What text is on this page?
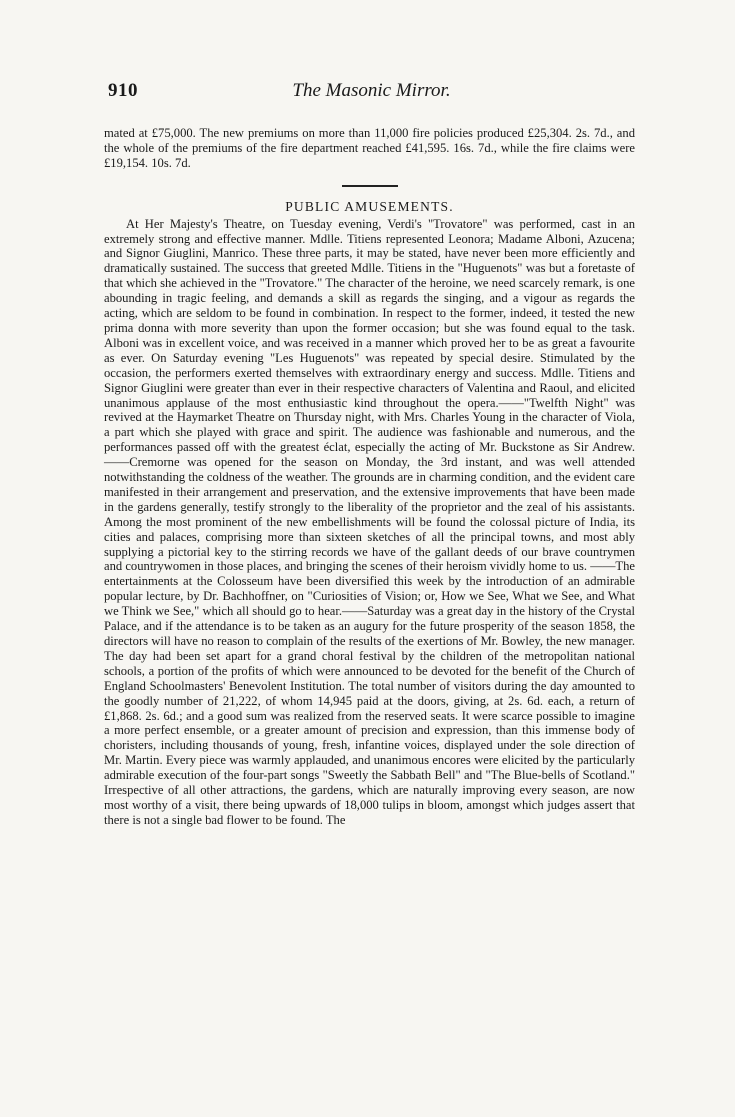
910	The Masonic Mirror.

mated at £75,000. The new premiums on more than 11,000 fire policies produced £25,304. 2s. 7d., and the whole of the premiums of the fire department reached £41,595. 16s. 7d., while the fire claims were £19,154. 10s. 7d.

PUBLIC AMUSEMENTS.

At Her Majesty's Theatre, on Tuesday evening, Verdi's "Trovatore" was performed, cast in an extremely strong and effective manner. Mdlle. Titiens represented Leonora; Madame Alboni, Azucena; and Signor Giuglini, Manrico. These three parts, it may be stated, have never been more efficiently and dramatically sustained. The success that greeted Mdlle. Titiens in the "Huguenots" was but a foretaste of that which she achieved in the "Trovatore." The character of the heroine, we need scarcely remark, is one abounding in tragic feeling, and demands a skill as regards the singing, and a vigour as regards the acting, which are seldom to be found in combination. In respect to the former, indeed, it tested the new prima donna with more severity than upon the former occasion; but she was found equal to the task. Alboni was in excellent voice, and was received in a manner which proved her to be as great a favourite as ever. On Saturday evening "Les Huguenots" was repeated by special desire. Stimulated by the occasion, the performers exerted themselves with extraordinary energy and success. Mdlle. Titiens and Signor Giuglini were greater than ever in their respective characters of Valentina and Raoul, and elicited unanimous applause of the most enthusiastic kind throughout the opera.——"Twelfth Night" was revived at the Haymarket Theatre on Thursday night, with Mrs. Charles Young in the character of Viola, a part which she played with grace and spirit. The audience was fashionable and numerous, and the performances passed off with the greatest éclat, especially the acting of Mr. Buckstone as Sir Andrew.——Cremorne was opened for the season on Monday, the 3rd instant, and was well attended notwithstanding the coldness of the weather. The grounds are in charming condition, and the evident care manifested in their arrangement and preservation, and the extensive improvements that have been made in the gardens generally, testify strongly to the liberality of the proprietor and the zeal of his assistants. Among the most prominent of the new embellishments will be found the colossal picture of India, its cities and palaces, comprising more than sixteen sketches of all the principal towns, and most ably supplying a pictorial key to the stirring records we have of the gallant deeds of our brave countrymen and countrywomen in those places, and bringing the scenes of their heroism vividly home to us. ——The entertainments at the Colosseum have been diversified this week by the introduction of an admirable popular lecture, by Dr. Bachhoffner, on "Curiosities of Vision; or, How we See, What we See, and What we Think we See," which all should go to hear.——Saturday was a great day in the history of the Crystal Palace, and if the attendance is to be taken as an augury for the future prosperity of the season 1858, the directors will have no reason to complain of the results of the exertions of Mr. Bowley, the new manager. The day had been set apart for a grand choral festival by the children of the metropolitan national schools, a portion of the profits of which were announced to be devoted for the benefit of the Church of England Schoolmasters' Benevolent Institution. The total number of visitors during the day amounted to the goodly number of 21,222, of whom 14,945 paid at the doors, giving, at 2s. 6d. each, a return of £1,868. 2s. 6d.; and a good sum was realized from the reserved seats. It were scarce possible to imagine a more perfect ensemble, or a greater amount of precision and expression, than this immense body of choristers, including thousands of young, fresh, infantine voices, displayed under the sole direction of Mr. Martin. Every piece was warmly applauded, and unanimous encores were elicited by the particularly admirable execution of the four-part songs "Sweetly the Sabbath Bell" and "The Blue-bells of Scotland." Irrespective of all other attractions, the gardens, which are naturally improving every season, are now most worthy of a visit, there being upwards of 18,000 tulips in bloom, amongst which judges assert that there is not a single bad flower to be found. The
